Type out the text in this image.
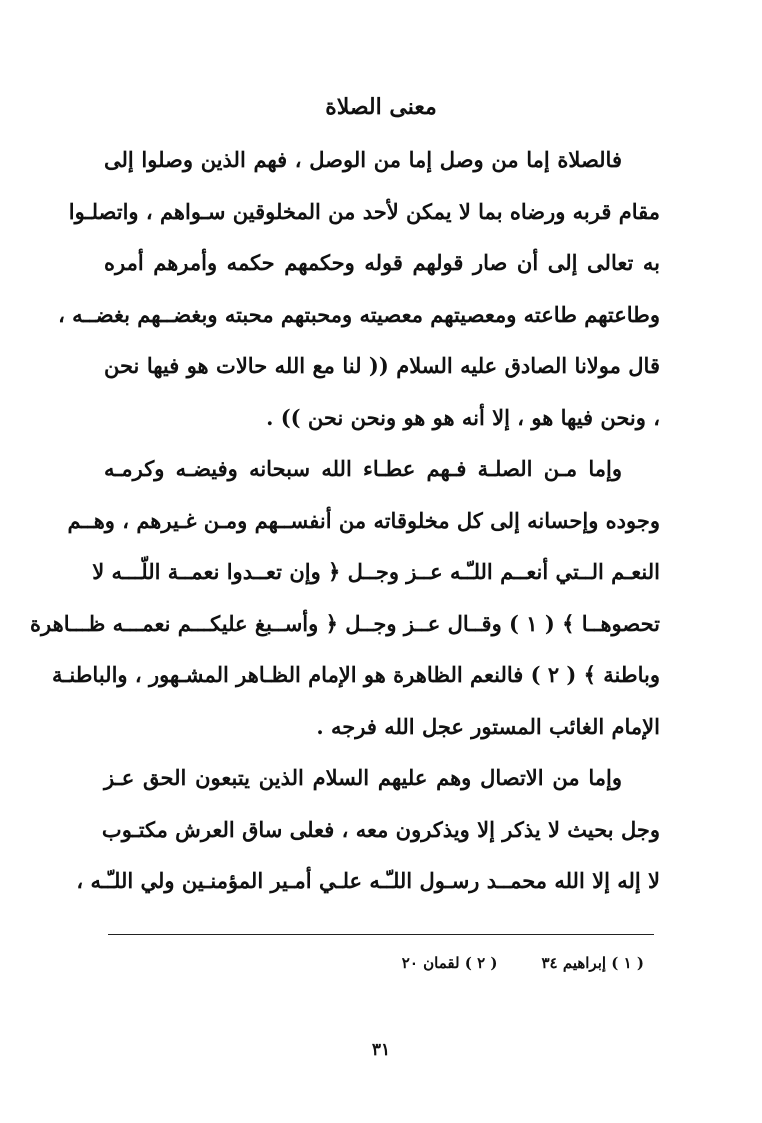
معنى الصلاة
فالصلاة إما من وصل إما من الوصل ، فهم الذين وصلوا إلى
مقام قربه ورضاه بما لا يمكن لأحد من المخلوقين سـواهم ، واتصلـوا
به تعالى إلى أن صار قولهم قوله وحكمهم حكمه وأمرهم أمره
وطاعتهم طاعته ومعصيتهم معصيته ومحبتهم محبته وبغضــهم بغضــه ،
قال مولانا الصادق عليه السلام (( لنا مع الله حالات هو فيها نحن
، ونحن فيها هو ، إلا أنه هو هو ونحن نحن )) .
وإما مـن الصلـة فـهم عطـاء الله سبحانه وفيضـه وكرمـه
وجوده وإحسانه إلى كل مخلوقاته من أنفســهم ومـن غـيرهم ، وهــم
النعـم الــتي أنعــم اللـّـه عــز وجــل ﴿ وإن تعــدوا نعمــة اللّـــه لا
تحصوهــا ﴾ ( ١ ) وقــال عــز وجــل ﴿ وأســبغ عليكـــم نعمـــه ظـــاهرة
وباطنة ﴾ ( ٢ ) فالنعم الظاهرة هو الإمام الظـاهر المشـهور ، والباطنـة
الإمام الغائب المستور عجل الله فرجه .
وإما من الاتصال وهم عليهم السلام الذين يتبعون الحق عـز
وجل بحيث لا يذكر إلا ويذكرون معه ، فعلى ساق العرش مكتـوب
لا إله إلا الله محمــد رسـول اللـّـه علـي أمـير المؤمنـين ولي اللـّـه ،
( ١ ) إبراهيم ٣٤( ٢ ) لقمان ٢٠
٣١
